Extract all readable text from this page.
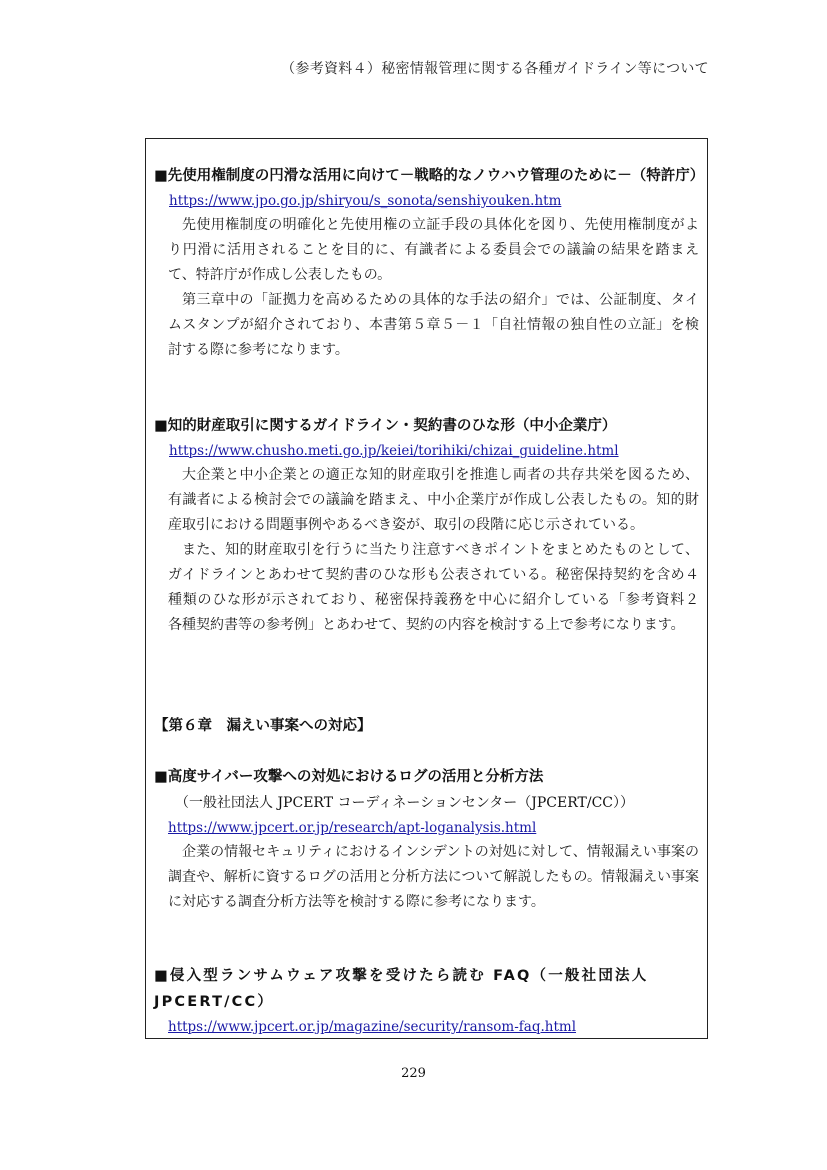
（参考資料４）秘密情報管理に関する各種ガイドライン等について

■先使用権制度の円滑な活用に向けて－戦略的なノウハウ管理のために－（特許庁）

https://www.jpo.go.jp/shiryou/s_sonota/senshiyouken.htm

先使用権制度の明確化と先使用権の立証手段の具体化を図り、先使用権制度がより円滑に活用されることを目的に、有識者による委員会での議論の結果を踏まえて、特許庁が作成し公表したもの。

第三章中の「証拠力を高めるための具体的な手法の紹介」では、公証制度、タイムスタンプが紹介されており、本書第５章５－１「自社情報の独自性の立証」を検討する際に参考になります。

■知的財産取引に関するガイドライン・契約書のひな形（中小企業庁）

https://www.chusho.meti.go.jp/keiei/torihiki/chizai_guideline.html

大企業と中小企業との適正な知的財産取引を推進し両者の共存共栄を図るため、有識者による検討会での議論を踏まえ、中小企業庁が作成し公表したもの。知的財産取引における問題事例やあるべき姿が、取引の段階に応じ示されている。

また、知的財産取引を行うに当たり注意すべきポイントをまとめたものとして、ガイドラインとあわせて契約書のひな形も公表されている。秘密保持契約を含め４種類のひな形が示されており、秘密保持義務を中心に紹介している「参考資料２　各種契約書等の参考例」とあわせて、契約の内容を検討する上で参考になります。

【第６章　漏えい事案への対応】

■高度サイバー攻撃への対処におけるログの活用と分析方法

（一般社団法人 JPCERT コーディネーションセンター（JPCERT/CC））

https://www.jpcert.or.jp/research/apt-loganalysis.html

企業の情報セキュリティにおけるインシデントの対処に対して、情報漏えい事案の調査や、解析に資するログの活用と分析方法について解説したもの。情報漏えい事案に対応する調査分析方法等を検討する際に参考になります。

■侵入型ランサムウェア攻撃を受けたら読む FAQ（一般社団法人 JPCERT/CC）

https://www.jpcert.or.jp/magazine/security/ransom-faq.html
229
